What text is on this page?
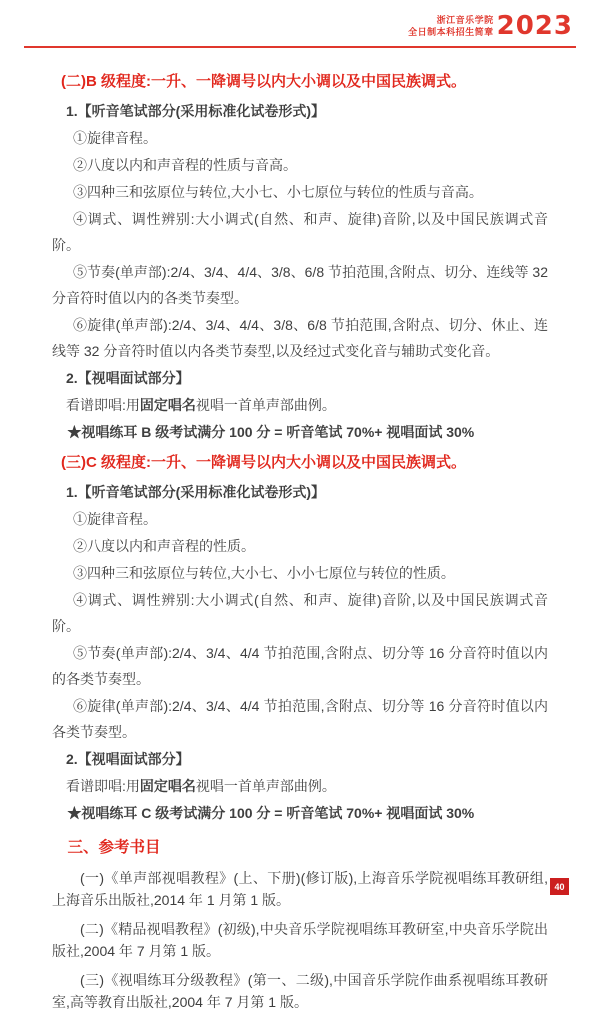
浙江音乐学院
全日制本科招生简章 2023

(二)B 级程度:一升、一降调号以内大小调以及中国民族调式。

1.【听音笔试部分(采用标准化试卷形式)】

①旋律音程。

②八度以内和声音程的性质与音高。

③四种三和弦原位与转位,大小七、小七原位与转位的性质与音高。

④调式、调性辨别:大小调式(自然、和声、旋律)音阶,以及中国民族调式音阶。

⑤节奏(单声部):2/4、3/4、4/4、3/8、6/8 节拍范围,含附点、切分、连线等 32 分音符时值以内的各类节奏型。

⑥旋律(单声部):2/4、3/4、4/4、3/8、6/8 节拍范围,含附点、切分、休止、连线等 32 分音符时值以内各类节奏型,以及经过式变化音与辅助式变化音。

2.【视唱面试部分】

看谱即唱:用固定唱名视唱一首单声部曲例。

★视唱练耳 B 级考试满分 100 分 = 听音笔试 70%+ 视唱面试 30%

(三)C 级程度:一升、一降调号以内大小调以及中国民族调式。

1.【听音笔试部分(采用标准化试卷形式)】

①旋律音程。

②八度以内和声音程的性质。

③四种三和弦原位与转位,大小七、小小七原位与转位的性质。

④调式、调性辨别:大小调式(自然、和声、旋律)音阶,以及中国民族调式音阶。

⑤节奏(单声部):2/4、3/4、4/4 节拍范围,含附点、切分等 16 分音符时值以内的各类节奏型。

⑥旋律(单声部):2/4、3/4、4/4 节拍范围,含附点、切分等 16 分音符时值以内各类节奏型。

2.【视唱面试部分】

看谱即唱:用固定唱名视唱一首单声部曲例。

★视唱练耳 C 级考试满分 100 分 = 听音笔试 70%+ 视唱面试 30%

三、参考书目

(一)《单声部视唱教程》(上、下册)(修订版),上海音乐学院视唱练耳教研组,上海音乐出版社,2014 年 1 月第 1 版。

(二)《精品视唱教程》(初级),中央音乐学院视唱练耳教研室,中央音乐学院出版社,2004 年 7 月第 1 版。

(三)《视唱练耳分级教程》(第一、二级),中国音乐学院作曲系视唱练耳教研室,高等教育出版社,2004 年 7 月第 1 版。

40
